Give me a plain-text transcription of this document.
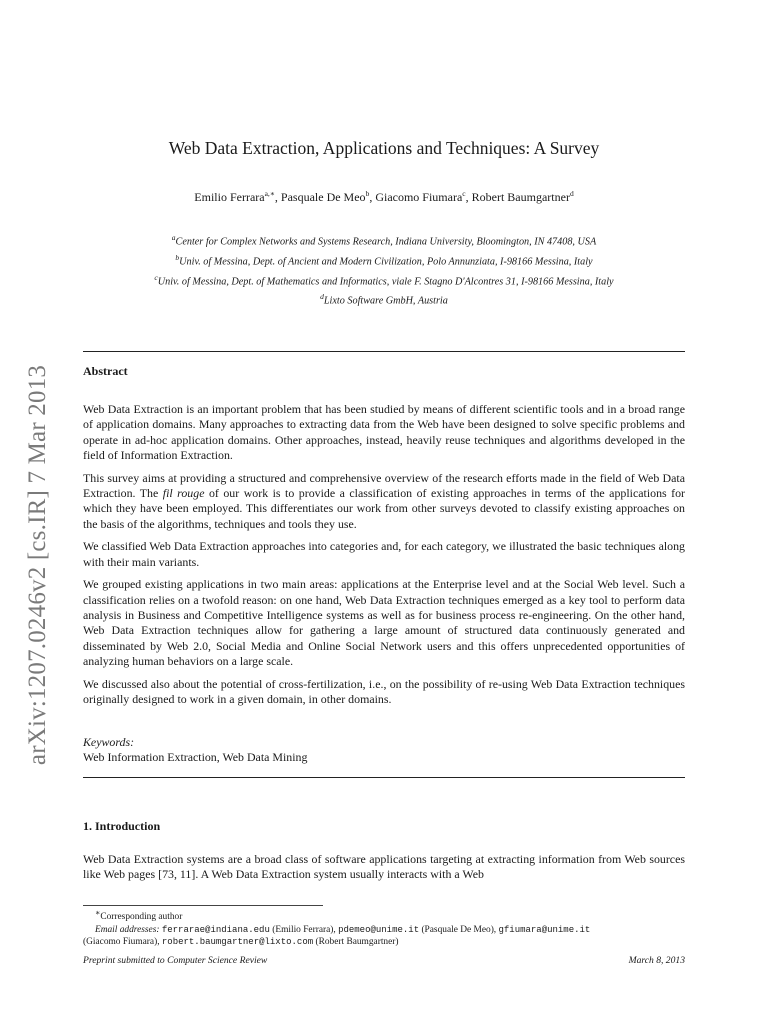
arXiv:1207.0246v2 [cs.IR] 7 Mar 2013
Web Data Extraction, Applications and Techniques: A Survey
Emilio Ferrara$^{a,∗}$, Pasquale De Meo$^b$, Giacomo Fiumara$^c$, Robert Baumgartner$^d$
$^a$Center for Complex Networks and Systems Research, Indiana University, Bloomington, IN 47408, USA
$^b$Univ. of Messina, Dept. of Ancient and Modern Civilization, Polo Annunziata, I-98166 Messina, Italy
$^c$Univ. of Messina, Dept. of Mathematics and Informatics, viale F. Stagno D'Alcontres 31, I-98166 Messina, Italy
$^d$Lixto Software GmbH, Austria
Abstract

Web Data Extraction is an important problem that has been studied by means of different scientific tools and in a broad range of application domains. Many approaches to extracting data from the Web have been designed to solve specific problems and operate in ad-hoc application domains. Other approaches, instead, heavily reuse techniques and algorithms developed in the field of Information Extraction.

This survey aims at providing a structured and comprehensive overview of the research efforts made in the field of Web Data Extraction. The fil rouge of our work is to provide a classification of existing approaches in terms of the applications for which they have been employed. This differentiates our work from other surveys devoted to classify existing approaches on the basis of the algorithms, techniques and tools they use.

We classified Web Data Extraction approaches into categories and, for each category, we illustrated the basic techniques along with their main variants.

We grouped existing applications in two main areas: applications at the Enterprise level and at the Social Web level. Such a classification relies on a twofold reason: on one hand, Web Data Extraction techniques emerged as a key tool to perform data analysis in Business and Competitive Intelligence systems as well as for business process re-engineering. On the other hand, Web Data Extraction techniques allow for gathering a large amount of structured data continuously generated and disseminated by Web 2.0, Social Media and Online Social Network users and this offers unprecedented opportunities of analyzing human behaviors on a large scale.

We discussed also about the potential of cross-fertilization, i.e., on the possibility of re-using Web Data Extraction techniques originally designed to work in a given domain, in other domains.

Keywords:
Web Information Extraction, Web Data Mining
1. Introduction

Web Data Extraction systems are a broad class of software applications targeting at extracting information from Web sources like Web pages [73, 11]. A Web Data Extraction system usually interacts with a Web

∗Corresponding author
Email addresses: ferrarae@indiana.edu (Emilio Ferrara), pdemeo@unime.it (Pasquale De Meo), gfiumara@unime.it
(Giacomo Fiumara), robert.baumgartner@lixto.com (Robert Baumgartner)
Preprint submitted to Computer Science Review	March 8, 2013
